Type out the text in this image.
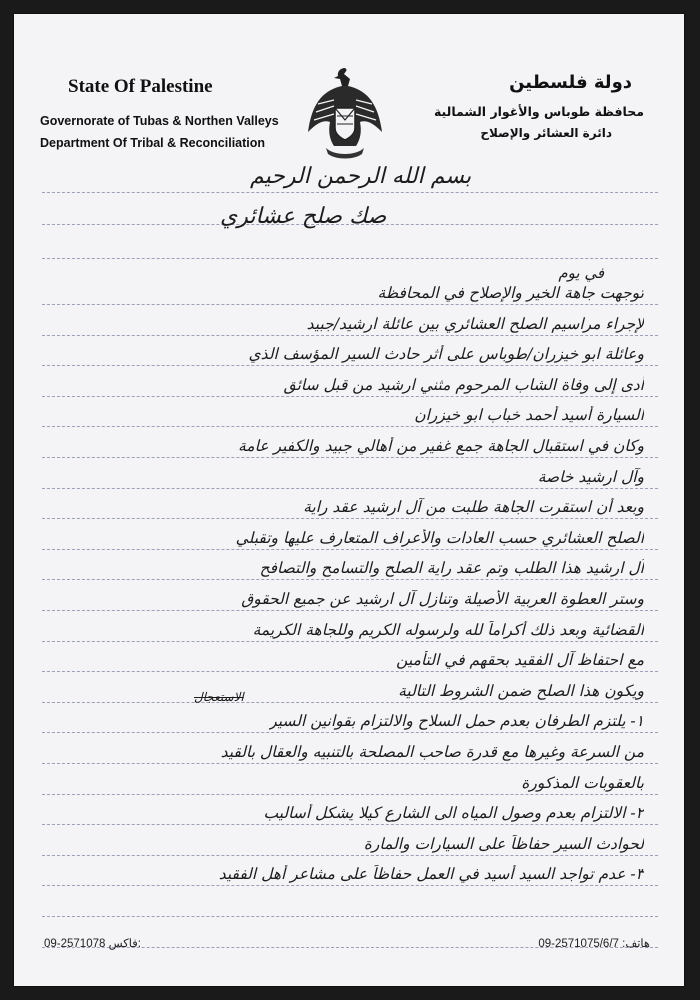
State Of Palestine
Governorate of Tubas & Northen Valleys
Department Of Tribal & Reconciliation
دولة فلسطين
محافظة طوباس والأغوار الشمالية
دائرة العشائر والإصلاح
بسم الله الرحمن الرحيم
صك صلح عشائري
في يوم
توجهت جاهة الخير والإصلاح في المحافظة
لإجراء مراسيم الصلح العشائري بين عائلة ارشيد/جبيد
وعائلة ابو خيزران/طوباس على أثر حادث السير المؤسف الذي
أدى إلى وفاة الشاب المرحوم مثني ارشيد من قبل سائق
السيارة أسيد أحمد خباب ابو خيزران
وكان في استقبال الجاهة جمع غفير من أهالي جبيد والكفير عامة
وآل ارشيد خاصة
وبعد أن استقرت الجاهة طلبت من آل ارشيد عقد راية
الصلح العشائري حسب العادات والأعراف المتعارف عليها وتقبلي
آل ارشيد هذا الطلب وتم عقد راية الصلح والتسامح والتصافح
وستر العطوة العربية الأصيلة وتنازل آل ارشيد عن جميع الحقوق
القضائية وبعد ذلك أكراماً لله ولرسوله الكريم وللجاهة الكريمة
مع احتفاظ آل الفقيد بحقهم في التأمين
ويكون هذا الصلح ضمن الشروط التالية
١- يلتزم الطرفان بعدم حمل السلاح والالتزام بقوانين السير
من السرعة وغيرها مع قدرة صاحب المصلحة بالتنبيه والعقال بالقيد
بالعقوبات المذكورة
٢- الالتزام بعدم وصول المياه الى الشارع كيلا يشكل أساليب
لحوادث السير حفاظاً على السيارات والمارة
٣- عدم تواجد السيد أسيد في العمل حفاظاً على مشاعر أهل الفقيد
الاستعجال
09-2571078 فاكس:	هاتف: 09-2571075/6/7
